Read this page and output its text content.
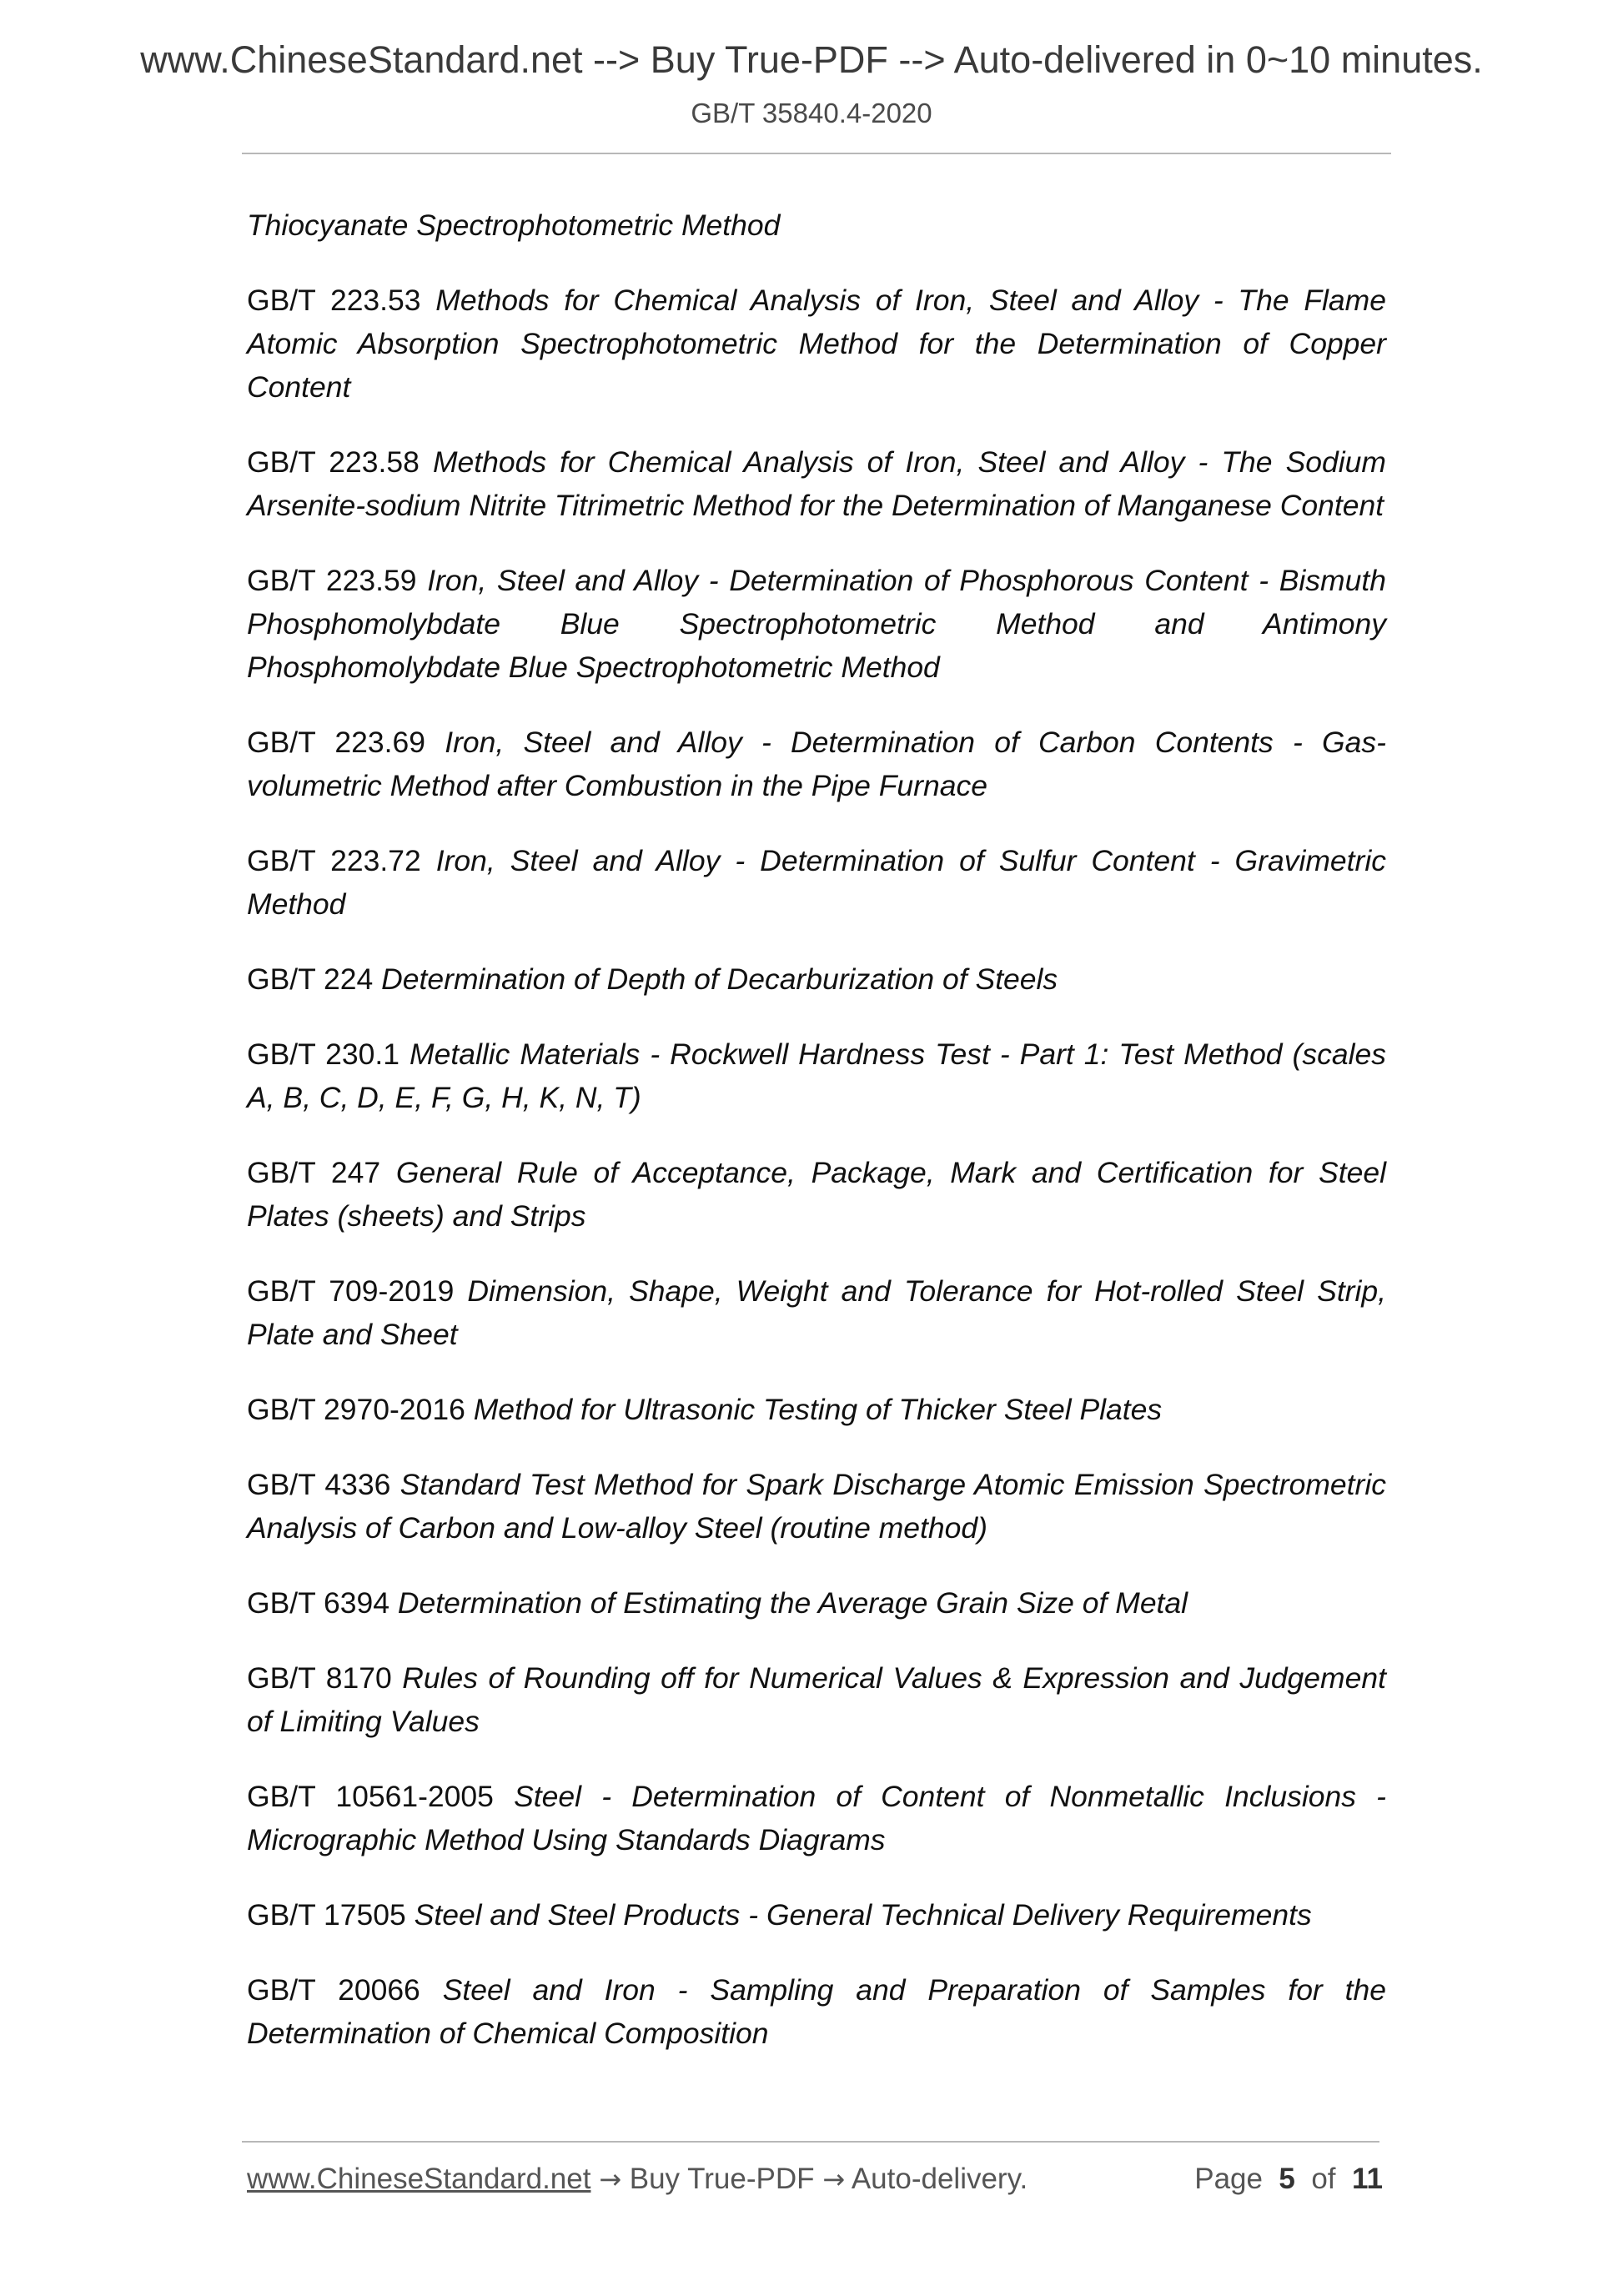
www.ChineseStandard.net --> Buy True-PDF --> Auto-delivered in 0~10 minutes.
GB/T 35840.4-2020

Thiocyanate Spectrophotometric Method

GB/T 223.53 Methods for Chemical Analysis of Iron, Steel and Alloy - The Flame Atomic Absorption Spectrophotometric Method for the Determination of Copper Content

GB/T 223.58 Methods for Chemical Analysis of Iron, Steel and Alloy - The Sodium Arsenite-sodium Nitrite Titrimetric Method for the Determination of Manganese Content

GB/T 223.59 Iron, Steel and Alloy - Determination of Phosphorous Content - Bismuth Phosphomolybdate Blue Spectrophotometric Method and Antimony Phosphomolybdate Blue Spectrophotometric Method

GB/T 223.69 Iron, Steel and Alloy - Determination of Carbon Contents - Gas-volumetric Method after Combustion in the Pipe Furnace

GB/T 223.72 Iron, Steel and Alloy - Determination of Sulfur Content - Gravimetric Method

GB/T 224 Determination of Depth of Decarburization of Steels

GB/T 230.1 Metallic Materials - Rockwell Hardness Test - Part 1: Test Method (scales A, B, C, D, E, F, G, H, K, N, T)

GB/T 247 General Rule of Acceptance, Package, Mark and Certification for Steel Plates (sheets) and Strips

GB/T 709-2019 Dimension, Shape, Weight and Tolerance for Hot-rolled Steel Strip, Plate and Sheet

GB/T 2970-2016 Method for Ultrasonic Testing of Thicker Steel Plates

GB/T 4336 Standard Test Method for Spark Discharge Atomic Emission Spectrometric Analysis of Carbon and Low-alloy Steel (routine method)

GB/T 6394 Determination of Estimating the Average Grain Size of Metal

GB/T 8170 Rules of Rounding off for Numerical Values & Expression and Judgement of Limiting Values

GB/T 10561-2005 Steel - Determination of Content of Nonmetallic Inclusions - Micrographic Method Using Standards Diagrams

GB/T 17505 Steel and Steel Products - General Technical Delivery Requirements

GB/T 20066 Steel and Iron - Sampling and Preparation of Samples for the Determination of Chemical Composition

www.ChineseStandard.net → Buy True-PDF → Auto-delivery.	Page 5 of 11
